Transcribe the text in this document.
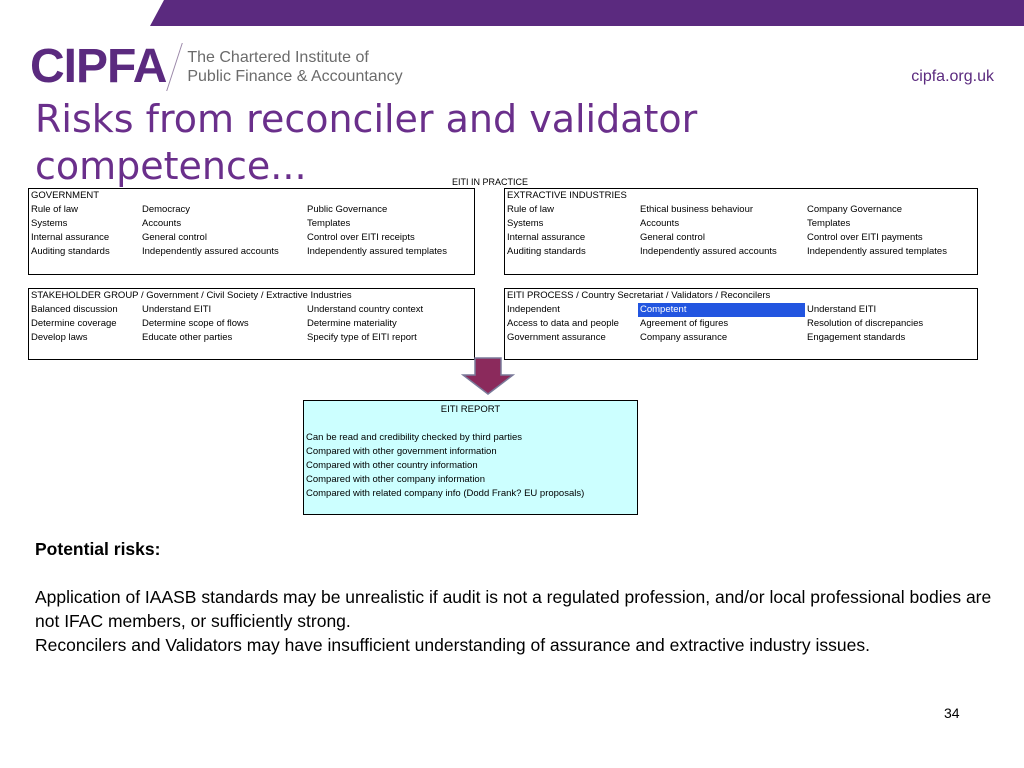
CIPFA The Chartered Institute of
Public Finance & Accountancy	cipfa.org.uk
Risks from reconciler and validator competence...	EITI IN PRACTICE
GOVERNMENT
Rule of law	Democracy	Public Governance
Systems	Accounts	Templates
Internal assurance	General control	Control over EITI receipts
Auditing standards	Independently assured accounts	Independently assured templates
EXTRACTIVE INDUSTRIES
Rule of law	Ethical business behaviour	Company Governance
Systems	Accounts	Templates
Internal assurance	General control	Control over EITI payments
Auditing standards	Independently assured accounts	Independently assured templates
STAKEHOLDER GROUP / Government / Civil Society / Extractive Industries
Balanced discussion	Understand EITI	Understand country context
Determine coverage	Determine scope of flows	Determine materiality
Develop laws	Educate other parties	Specify type of EITI report
EITI PROCESS / Country Secretariat / Validators / Reconcilers
Independent	Competent	Understand EITI
Access to data and people	Agreement of figures	Resolution of discrepancies
Government assurance	Company assurance	Engagement standards
EITI REPORT
Can be read and credibility checked by third parties
Compared with other government information
Compared with other country information
Compared with other company information
Compared with related company info (Dodd Frank? EU proposals)
Potential risks:
Application of IAASB standards may be unrealistic if audit is not a regulated profession, and/or local professional bodies are not IFAC members, or sufficiently strong.
Reconcilers and Validators may have insufficient understanding of assurance and extractive industry issues.
34
